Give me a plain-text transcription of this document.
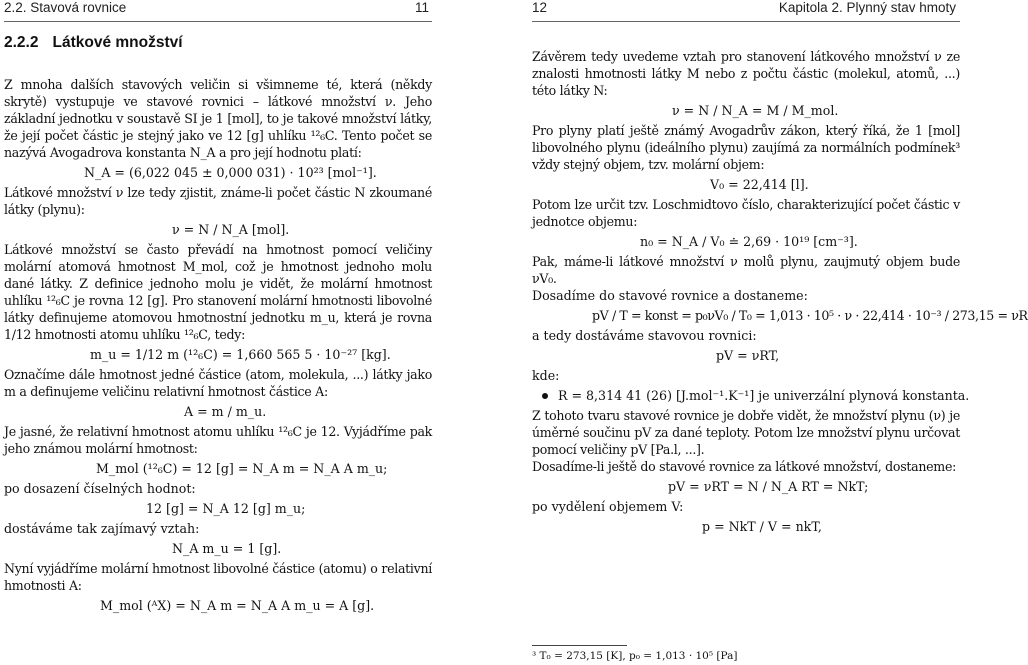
2.2. Stavová rovnice	11	12	Kapitola 2. Plynný stav hmoty
2.2.2 Látkové množství

Z mnoha dalších stavových veličin si všimneme té, která (někdy skrytě) vystupuje ve stavové rovnici – látkové množství ν. Jeho základní jednotku v soustavě SI je 1 [mol], to je takové množství látky, že její počet částic je stejný jako ve 12 [g] uhlíku ¹²₆C. Tento počet se nazývá Avogadrova konstanta N_A a pro její hodnotu platí:

N_A = (6,022 045 ± 0,000 031) · 10²³ [mol⁻¹].

Látkové množství ν lze tedy zjistit, známe-li počet částic N zkoumané látky (plynu):

ν = N / N_A [mol].

Látkové množství se často převádí na hmotnost pomocí veličiny molární atomová hmotnost M_mol, což je hmotnost jednoho molu dané látky. Z definice jednoho molu je vidět, že molární hmotnost uhlíku ¹²₆C je rovna 12 [g]. Pro stanovení molární hmotnosti libovolné látky definujeme atomovou hmotnostní jednotku m_u, která je rovna 1/12 hmotnosti atomu uhlíku ¹²₆C, tedy:

m_u = 1/12 m (¹²₆C) = 1,660 565 5 · 10⁻²⁷ [kg].

Označíme dále hmotnost jedné částice (atom, molekula, ...) látky jako m a definujeme veličinu relativní hmotnost částice A:

A = m / m_u.

Je jasné, že relativní hmotnost atomu uhlíku ¹²₆C je 12. Vyjádříme pak jeho známou molární hmotnost:

M_mol (¹²₆C) = 12 [g] = N_A m = N_A A m_u;

po dosazení číselných hodnot:

12 [g] = N_A 12 [g] m_u;

dostáváme tak zajímavý vztah:

N_A m_u = 1 [g].

Nyní vyjádříme molární hmotnost libovolné částice (atomu) o relativní hmotnosti A:

M_mol (ᴬX) = N_A m = N_A A m_u = A [g].

Závěrem tedy uvedeme vztah pro stanovení látkového množství ν ze znalosti hmotnosti látky M nebo z počtu částic (molekul, atomů, ...) této látky N:

ν = N / N_A = M / M_mol.

Pro plyny platí ještě známý Avogadrův zákon, který říká, že 1 [mol] libovolného plynu (ideálního plynu) zaujímá za normálních podmínek³ vždy stejný objem, tzv. molární objem:

V₀ = 22,414 [l].

Potom lze určit tzv. Loschmidtovo číslo, charakterizující počet částic v jednotce objemu:

n₀ = N_A / V₀ ≐ 2,69 · 10¹⁹ [cm⁻³].

Pak, máme-li látkové množství ν molů plynu, zaujmutý objem bude νV₀.

Dosadíme do stavové rovnice a dostaneme:

pV / T = konst = p₀νV₀ / T₀ = 1,013 · 10⁵ · ν · 22,414 · 10⁻³ / 273,15 = νR

a tedy dostáváme stavovou rovnici:

pV = νRT,

kde:

R = 8,314 41 (26) [J.mol⁻¹.K⁻¹] je univerzální plynová konstanta.

Z tohoto tvaru stavové rovnice je dobře vidět, že množství plynu (ν) je úměrné součinu pV za dané teploty. Potom lze množství plynu určovat pomocí veličiny pV [Pa.l, ...].

Dosadíme-li ještě do stavové rovnice za látkové množství, dostaneme:

pV = νRT = N / N_A RT = NkT;

po vydělení objemem V:

p = NkT / V = nkT,
³ T₀ = 273,15 [K], p₀ = 1,013 · 10⁵ [Pa]
